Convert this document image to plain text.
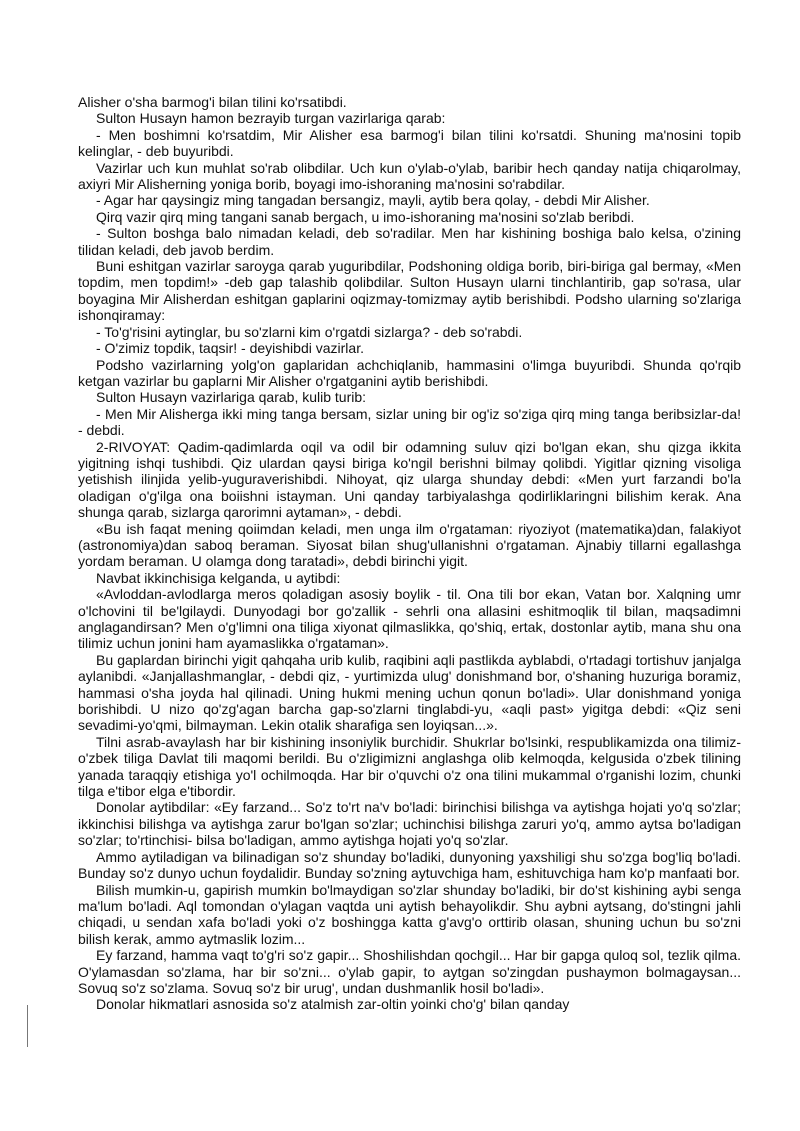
Alisher o'sha barmog'i bilan tilini ko'rsatibdi.

Sulton Husayn hamon bezrayib turgan vazirlariga qarab:

- Men boshimni ko'rsatdim, Mir Alisher esa barmog'i bilan tilini ko'rsatdi. Shuning ma'nosini topib kelinglar, - deb buyuribdi.

Vazirlar uch kun muhlat so'rab olibdilar. Uch kun o'ylab-o'ylab, baribir hech qanday natija chiqarolmay, axiyri Mir Alisherning yoniga borib, boyagi imo-ishoraning ma'nosini so'rabdilar.

- Agar har qaysingiz ming tangadan bersangiz, mayli, aytib bera qolay, - debdi Mir Alisher.

Qirq vazir qirq ming tangani sanab bergach, u imo-ishoraning ma'nosini so'zlab beribdi.

- Sulton boshga balo nimadan keladi, deb so'radilar. Men har kishining boshiga balo kelsa, o'zining tilidan keladi, deb javob berdim.

Buni eshitgan vazirlar saroyga qarab yuguribdilar, Podshoning oldiga borib, biri-biriga gal bermay, «Men topdim, men topdim!» -deb gap talashib qolibdilar. Sulton Husayn ularni tinchlantirib, gap so'rasa, ular boyagina Mir Alisherdan eshitgan gaplarini oqizmay-tomizmay aytib berishibdi. Podsho ularning so'zlariga ishonqiramay:

- To'g'risini aytinglar, bu so'zlarni kim o'rgatdi sizlarga? - deb so'rabdi.

- O'zimiz topdik, taqsir! - deyishibdi vazirlar.

Podsho vazirlarning yolg'on gaplaridan achchiqlanib, hammasini o'limga buyuribdi. Shunda qo'rqib ketgan vazirlar bu gaplarni Mir Alisher o'rgatganini aytib berishibdi.

Sulton Husayn vazirlariga qarab, kulib turib:

- Men Mir Alisherga ikki ming tanga bersam, sizlar uning bir og'iz so'ziga qirq ming tanga beribsizlar-da! - debdi.

2-RIVOYAT: Qadim-qadimlarda oqil va odil bir odamning suluv qizi bo'lgan ekan, shu qizga ikkita yigitning ishqi tushibdi. Qiz ulardan qaysi biriga ko'ngil berishni bilmay qolibdi. Yigitlar qizning visoliga yetishish ilinjida yelib-yuguraverishibdi. Nihoyat, qiz ularga shunday debdi: «Men yurt farzandi bo'la oladigan o'g'ilga ona boiishni istayman. Uni qanday tarbiyalashga qodirliklaringni bilishim kerak. Ana shunga qarab, sizlarga qarorimni aytaman», - debdi.

«Bu ish faqat mening qoiimdan keladi, men unga ilm o'rgataman: riyoziyot (matematika)dan, falakiyot (astronomiya)dan saboq beraman. Siyosat bilan shug'ullanishni o'rgataman. Ajnabiy tillarni egallashga yordam beraman. U olamga dong taratadi», debdi birinchi yigit.

Navbat ikkinchisiga kelganda, u aytibdi:

«Avloddan-avlodlarga meros qoladigan asosiy boylik - til. Ona tili bor ekan, Vatan bor. Xalqning umr o'lchovini til be'lgilaydi. Dunyodagi bor go'zallik - sehrli ona allasini eshitmoqlik til bilan, maqsadimni anglagandirsan? Men o'g'limni ona tiliga xiyonat qilmaslikka, qo'shiq, ertak, dostonlar aytib, mana shu ona tilimiz uchun jonini ham ayamaslikka o'rgataman».

Bu gaplardan birinchi yigit qahqaha urib kulib, raqibini aqli pastlikda ayblabdi, o'rtadagi tortishuv janjalga aylanibdi. «Janjallashmanglar, - debdi qiz, - yurtimizda ulug' donishmand bor, o'shaning huzuriga boramiz, hammasi o'sha joyda hal qilinadi. Uning hukmi mening uchun qonun bo'ladi». Ular donishmand yoniga borishibdi. U nizo qo'zg'agan barcha gap-so'zlarni tinglabdi-yu, «aqli past» yigitga debdi: «Qiz seni sevadimi-yo'qmi, bilmayman. Lekin otalik sharafiga sen loyiqsan...».

Tilni asrab-avaylash har bir kishining insoniylik burchidir. Shukrlar bo'lsinki, respublikamizda ona tilimiz-o'zbek tiliga Davlat tili maqomi berildi. Bu o'zligimizni anglashga olib kelmoqda, kelgusida o'zbek tilining yanada taraqqiy etishiga yo'l ochilmoqda. Har bir o'quvchi o'z ona tilini mukammal o'rganishi lozim, chunki tilga e'tibor elga e'tibordir.

Donolar aytibdilar: «Ey farzand... So'z to'rt na'v bo'ladi: birinchisi bilishga va aytishga hojati yo'q so'zlar; ikkinchisi bilishga va aytishga zarur bo'lgan so'zlar; uchinchisi bilishga zaruri yo'q, ammo aytsa bo'ladigan so'zlar; to'rtinchisi- bilsa bo'ladigan, ammo aytishga hojati yo'q so'zlar.

Ammo aytiladigan va bilinadigan so'z shunday bo'ladiki, dunyoning yaxshiligi shu so'zga bog'liq bo'ladi. Bunday so'z dunyo uchun foydalidir. Bunday so'zning aytuvchiga ham, eshituvchiga ham ko'p manfaati bor.

Bilish mumkin-u, gapirish mumkin bo'lmaydigan so'zlar shunday bo'ladiki, bir do'st kishining aybi senga ma'lum bo'ladi. Aql tomondan o'ylagan vaqtda uni aytish behayolikdir. Shu aybni aytsang, do'stingni jahli chiqadi, u sendan xafa bo'ladi yoki o'z boshingga katta g'avg'o orttirib olasan, shuning uchun bu so'zni bilish kerak, ammo aytmaslik lozim...

Ey farzand, hamma vaqt to'g'ri so'z gapir... Shoshilishdan qochgil... Har bir gapga quloq sol, tezlik qilma. O'ylamasdan so'zlama, har bir so'zni... o'ylab gapir, to aytgan so'zingdan pushaymon bolmagaysan... Sovuq so'z so'zlama. Sovuq so'z bir urug', undan dushmanlik hosil bo'ladi».

Donolar hikmatlari asnosida so'z atalmish zar-oltin yoinki cho'g' bilan qanday
